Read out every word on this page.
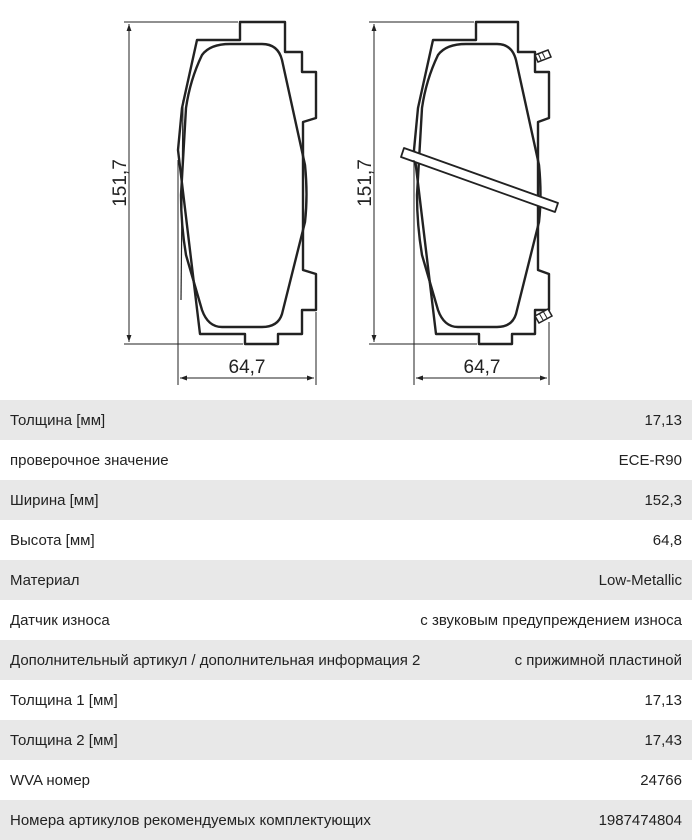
151,7
64,7
151,7
64,7
Толщина [мм]	17,13
проверочное значение	ECE-R90
Ширина [мм]	152,3
Высота [мм]	64,8
Материал	Low-Metallic
Датчик износа	с звуковым предупреждением износа
Дополнительный артикул / дополнительная информация 2	с прижимной пластиной
Толщина 1 [мм]	17,13
Толщина 2 [мм]	17,43
WVA номер	24766
Номера артикулов рекомендуемых комплектующих	1987474804
